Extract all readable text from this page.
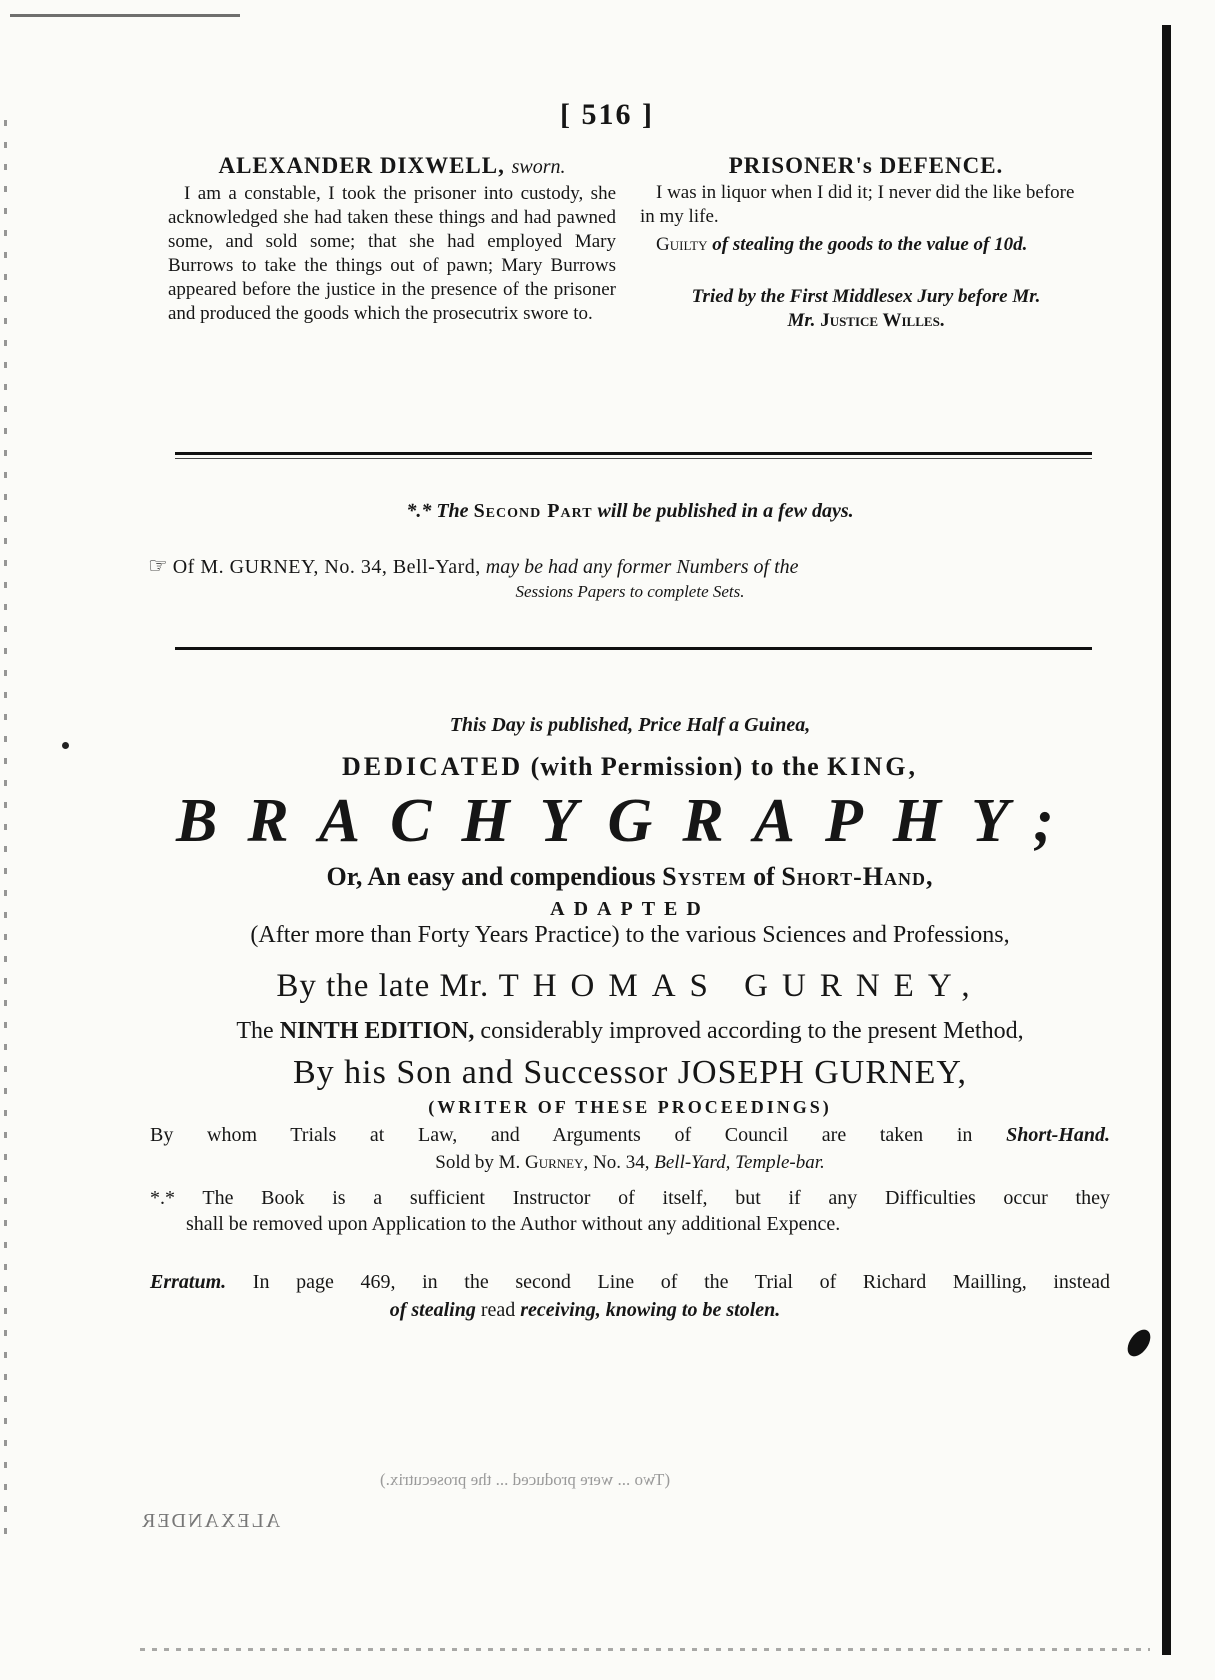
[ 516 ]

ALEXANDER DIXWELL, sworn.

I am a constable, I took the prisoner into custody, she acknowledged she had taken these things and had pawned some, and sold some; that she had employed Mary Burrows to take the things out of pawn; Mary Burrows appeared before the justice in the presence of the prisoner and produced the goods which the prosecutrix swore to.

PRISONER's DEFENCE.

I was in liquor when I did it; I never did the like before in my life.

Guilty of stealing the goods to the value of 10d.

Tried by the First Middlesex Jury before Mr.
Mr. Justice Willes.

*.* The Second Part will be published in a few days.
☞ Of M. GURNEY, No. 34, Bell-Yard, may be had any former Numbers of the
Sessions Papers to complete Sets.
This Day is published, Price Half a Guinea,
DEDICATED (with Permission) to the KING,
BRACHYGRAPHY;
Or, An easy and compendious System of Short-Hand,
ADAPTED
(After more than Forty Years Practice) to the various Sciences and Professions,
By the late Mr. THOMAS GURNEY,
The NINTH EDITION, considerably improved according to the present Method,
By his Son and Successor JOSEPH GURNEY,
(WRITER OF THESE PROCEEDINGS)
By whom Trials at Law, and Arguments of Council are taken in Short-Hand.
Sold by M. Gurney, No. 34, Bell-Yard, Temple-bar.

*.* The Book is a sufficient Instructor of itself, but if any Difficulties occur they

shall be removed upon Application to the Author without any additional Expence.

Erratum. In page 469, in the second Line of the Trial of Richard Mailling, instead

of stealing read receiving, knowing to be stolen.

(Two ... were produced ... the prosecutrix.)
ALEXANDER
